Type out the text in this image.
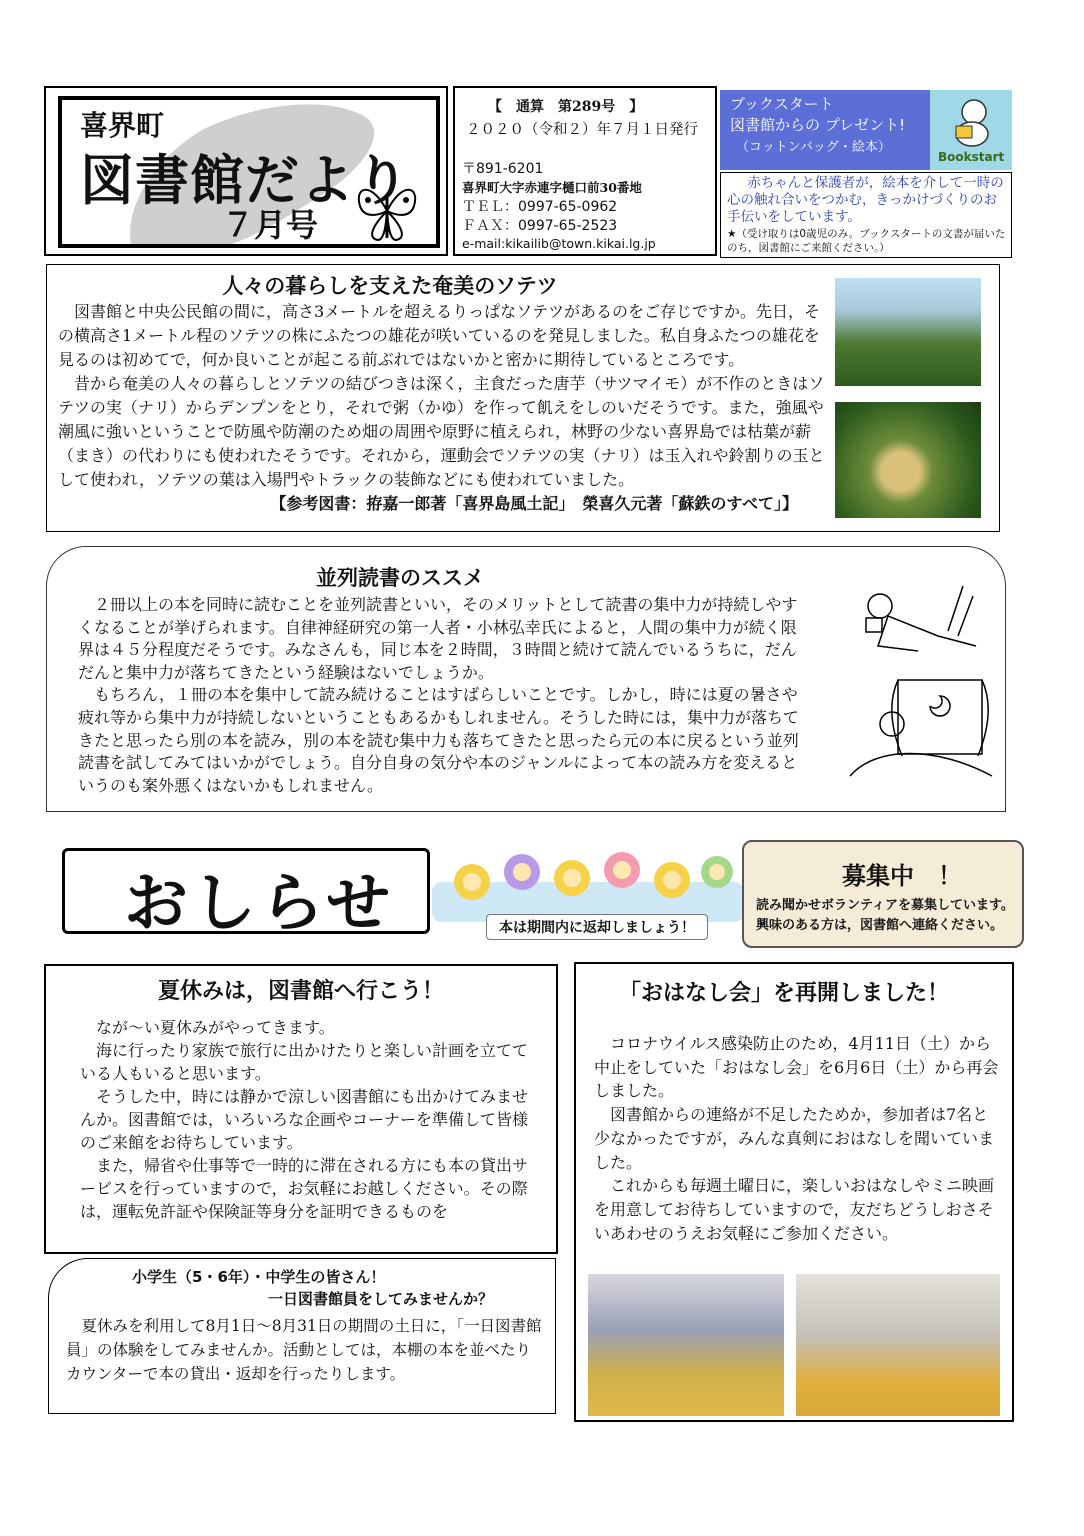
喜界町
図書館だより
７月号
【　通算　第289号　】
２０２０（令和２）年７月１日発行
〒891-6201
喜界町大字赤連字樋口前30番地
ＴＥＬ：0997-65-0962
ＦＡＸ：0997-65-2523
e-mail:kikailib@town.kikai.lg.jp
ブックスタート
図書館からの プレゼント!
（コットンバッグ・絵本）
Bookstart
赤ちゃんと保護者が，絵本を介して一時の心の触れ合いをつかむ，きっかけづくりのお手伝いをしています。
★（受け取りは0歳児のみ。ブックスタートの文書が届いたのち，図書館にご来館ください。）
人々の暮らしを支えた奄美のソテツ

図書館と中央公民館の間に，高さ3メートルを超えるりっぱなソテツがあるのをご存じですか。先日，その横高さ1メートル程のソテツの株にふたつの雄花が咲いているのを発見しました。私自身ふたつの雄花を見るのは初めてで，何か良いことが起こる前ぶれではないかと密かに期待しているところです。

昔から奄美の人々の暮らしとソテツの結びつきは深く，主食だった唐芋（サツマイモ）が不作のときはソテツの実（ナリ）からデンプンをとり，それで粥（かゆ）を作って飢えをしのいだそうです。また，強風や潮風に強いということで防風や防潮のため畑の周囲や原野に植えられ，林野の少ない喜界島では枯葉が薪（まき）の代わりにも使われたそうです。それから，運動会でソテツの実（ナリ）は玉入れや鈴割りの玉として使われ，ソテツの葉は入場門やトラックの装飾などにも使われていました。

【参考図書：拵嘉一郎著「喜界島風土記」　榮喜久元著「蘇鉄のすべて」】

並列読書のススメ

２冊以上の本を同時に読むことを並列読書といい，そのメリットとして読書の集中力が持続しやすくなることが挙げられます。自律神経研究の第一人者・小林弘幸氏によると，人間の集中力が続く限界は４５分程度だそうです。みなさんも，同じ本を２時間，３時間と続けて読んでいるうちに，だんだんと集中力が落ちてきたという経験はないでしょうか。

もちろん，１冊の本を集中して読み続けることはすばらしいことです。しかし，時には夏の暑さや疲れ等から集中力が持続しないということもあるかもしれません。そうした時には，集中力が落ちてきたと思ったら別の本を読み，別の本を読む集中力も落ちてきたと思ったら元の本に戻るという並列読書を試してみてはいかがでしょう。自分自身の気分や本のジャンルによって本の読み方を変えるというのも案外悪くはないかもしれません。

おしらせ	本は期間内に返却しましょう！
募集中　！
読み聞かせボランティアを募集しています。
興味のある方は，図書館へ連絡ください。
夏休みは，図書館へ行こう！

なが～い夏休みがやってきます。

海に行ったり家族で旅行に出かけたりと楽しい計画を立てている人もいると思います。

そうした中，時には静かで涼しい図書館にも出かけてみませんか。図書館では，いろいろな企画やコーナーを準備して皆様のご来館をお待ちしています。

また，帰省や仕事等で一時的に滞在される方にも本の貸出サービスを行っていますので，お気軽にお越しください。その際は，運転免許証や保険証等身分を証明できるものを

小学生（5・6年）・中学生の皆さん！
一日図書館員をしてみませんか？
夏休みを利用して8月1日～8月31日の期間の土日に，「一日図書館員」の体験をしてみませんか。活動としては，本棚の本を並べたりカウンターで本の貸出・返却を行ったりします。
「おはなし会」を再開しました！

コロナウイルス感染防止のため，4月11日（土）から中止をしていた「おはなし会」を6月6日（土）から再会しました。

図書館からの連絡が不足したためか，参加者は7名と少なかったですが，みんな真剣におはなしを聞いていました。

これからも毎週土曜日に，楽しいおはなしやミニ映画を用意してお待ちしていますので，友だちどうしおさそいあわせのうえお気軽にご参加ください。
